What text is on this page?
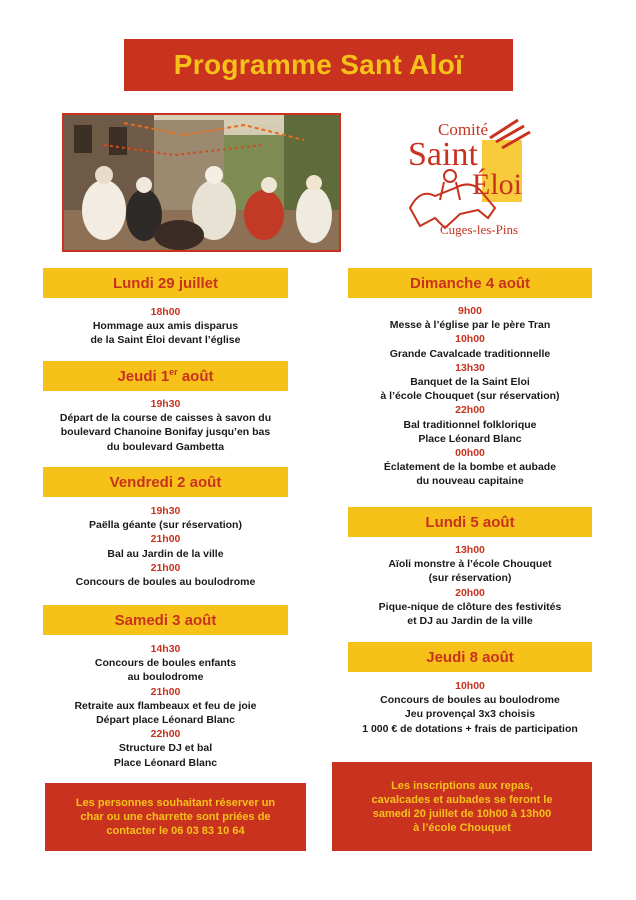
Programme Sant Aloï
Comité
Saint
Éloi
Cuges-les-Pins
Lundi 29 juillet
18h00
Hommage aux amis disparus
de la Saint Éloi devant l’église
Jeudi 1er août
19h30
Départ de la course de caisses à savon du
boulevard Chanoine Bonifay jusqu’en bas
du boulevard Gambetta
Vendredi 2 août
19h30
Paëlla géante (sur réservation)
21h00
Bal au Jardin de la ville
21h00
Concours de boules au boulodrome
Samedi 3 août
14h30
Concours de boules enfants
au boulodrome
21h00
Retraite aux flambeaux et feu de joie
Départ place Léonard Blanc
22h00
Structure DJ et bal
Place Léonard Blanc
Les personnes souhaitant réserver un
char ou une charrette sont priées de
contacter le 06 03 83 10 64
Dimanche 4 août
9h00
Messe à l’église par le père Tran
10h00
Grande Cavalcade traditionnelle
13h30
Banquet de la Saint Eloi
à l’école Chouquet (sur réservation)
22h00
Bal traditionnel folklorique
Place Léonard Blanc
00h00
Éclatement de la bombe et aubade
du nouveau capitaine
Lundi 5 août
13h00
Aïoli monstre à l’école Chouquet
(sur réservation)
20h00
Pique-nique de clôture des festivités
et DJ au Jardin de la ville
Jeudi 8 août
10h00
Concours de boules au boulodrome
Jeu provençal 3x3 choisis
1 000 € de dotations + frais de participation
Les inscriptions aux repas,
cavalcades et aubades se feront le
samedi 20 juillet de 10h00 à 13h00
à l’école Chouquet
